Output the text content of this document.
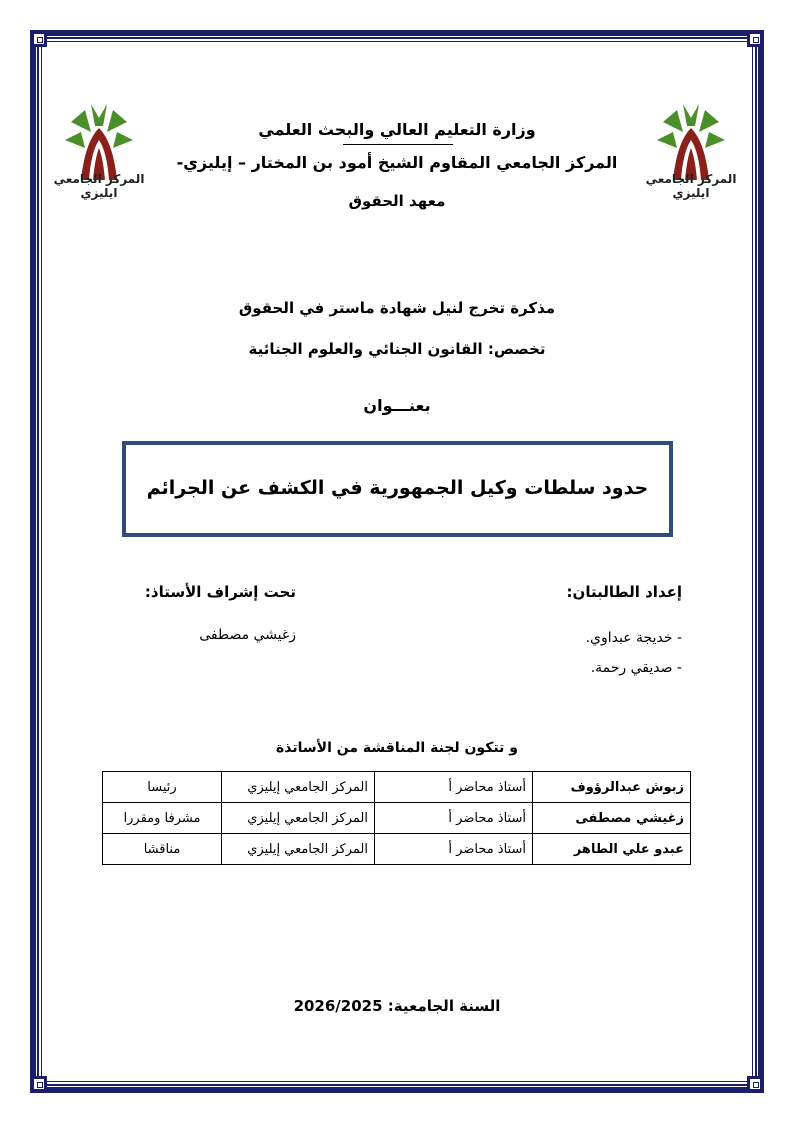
المركز الجامعي ايليزي
المركز الجامعي ايليزي
وزارة التعليم العالي والبحث العلمي
المركز الجامعي المقاوم الشيخ أمود بن المختار – إيليزي-
معهد الحقوق
مذكرة تخرج لنيل شهادة ماستر في الحقوق
تخصص: القانون الجنائي والعلوم الجنائية
بعنـــوان
حدود سلطات وكيل الجمهورية في الكشف عن الجرائم
إعداد الطالبتان:
- خديجة عبداوي.
- صديقي رحمة.
تحت إشراف الأستاذ:
زغيشي مصطفى
و تتكون لجنة المناقشة من الأساتذة
زبوش عبدالرؤوف	أستاذ محاضر أ	المركز الجامعي إيليزي	رئيسا
زغيشي مصطفى	أستاذ محاضر أ	المركز الجامعي إيليزي	مشرفا ومقررا
عبدو علي الطاهر	أستاذ محاضر أ	المركز الجامعي إيليزي	مناقشا
السنة الجامعية: 2026/2025
